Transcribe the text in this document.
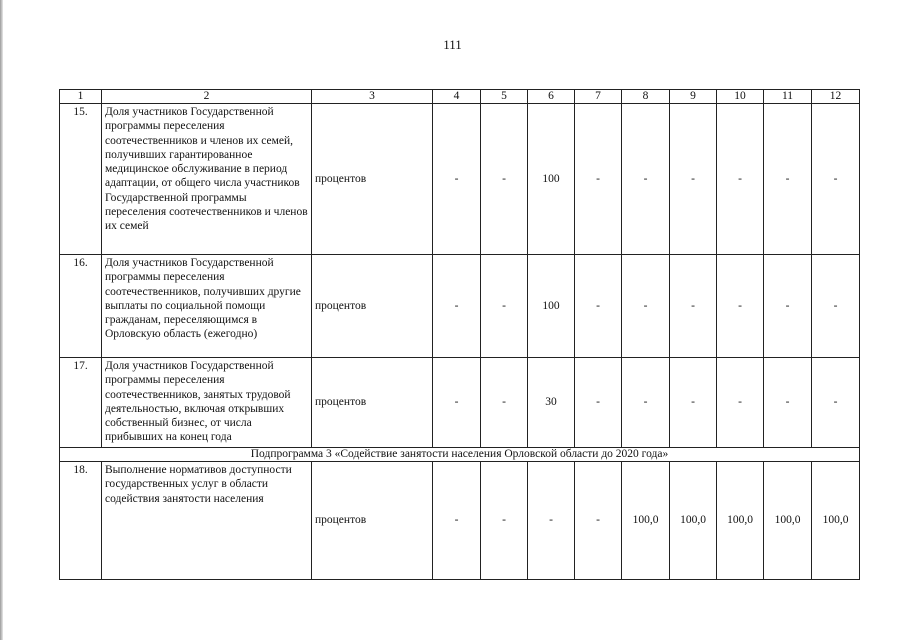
111
1	2	3	4	5	6	7	8	9	10	11	12
15.	Доля участников Государственной программы переселения соотечественников и членов их семей, получивших гарантированное медицинское обслуживание в период адаптации, от общего числа участников Государственной программы переселения соотечественников и членов их семей	процентов	-	-	100	-	-	-	-	-	-
16.	Доля участников Государственной программы переселения соотечественников, получивших другие выплаты по социальной помощи гражданам, переселяющимся в Орловскую область (ежегодно)	процентов	-	-	100	-	-	-	-	-	-
17.	Доля участников Государственной программы переселения соотечественников, занятых трудовой деятельностью, включая открывших собственный бизнес, от числа прибывших на конец года	процентов	-	-	30	-	-	-	-	-	-
Подпрограмма 3 «Содействие занятости населения Орловской области до 2020 года»											
18.	Выполнение нормативов доступности государственных услуг в области содействия занятости населения	процентов	-	-	-	-	100,0	100,0	100,0	100,0	100,0
